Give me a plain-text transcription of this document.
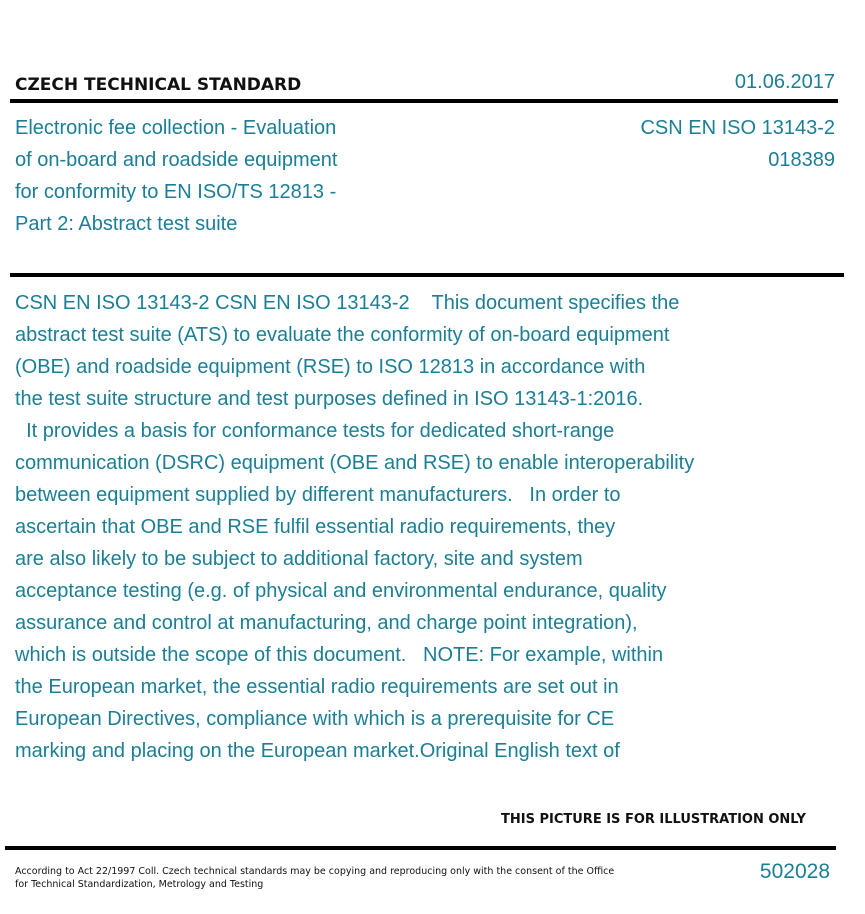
CZECH TECHNICAL STANDARD	01.06.2017
Electronic fee collection - Evaluation
of on-board and roadside equipment
for conformity to EN ISO/TS 12813 -
Part 2: Abstract test suite
CSN EN ISO 13143-2
018389
CSN EN ISO 13143-2 CSN EN ISO 13143-2    This document specifies the
abstract test suite (ATS) to evaluate the conformity of on-board equipment
(OBE) and roadside equipment (RSE) to ISO 12813 in accordance with
the test suite structure and test purposes defined in ISO 13143-1:2016.
It provides a basis for conformance tests for dedicated short-range
communication (DSRC) equipment (OBE and RSE) to enable interoperability
between equipment supplied by different manufacturers.   In order to
ascertain that OBE and RSE fulfil essential radio requirements, they
are also likely to be subject to additional factory, site and system
acceptance testing (e.g. of physical and environmental endurance, quality
assurance and control at manufacturing, and charge point integration),
which is outside the scope of this document.   NOTE: For example, within
the European market, the essential radio requirements are set out in
European Directives, compliance with which is a prerequisite for CE
marking and placing on the European market.Original English text of
THIS PICTURE IS FOR ILLUSTRATION ONLY
According to Act 22/1997 Coll. Czech technical standards may be copying and reproducing only with the consent of the Office
for Technical Standardization, Metrology and Testing
502028
